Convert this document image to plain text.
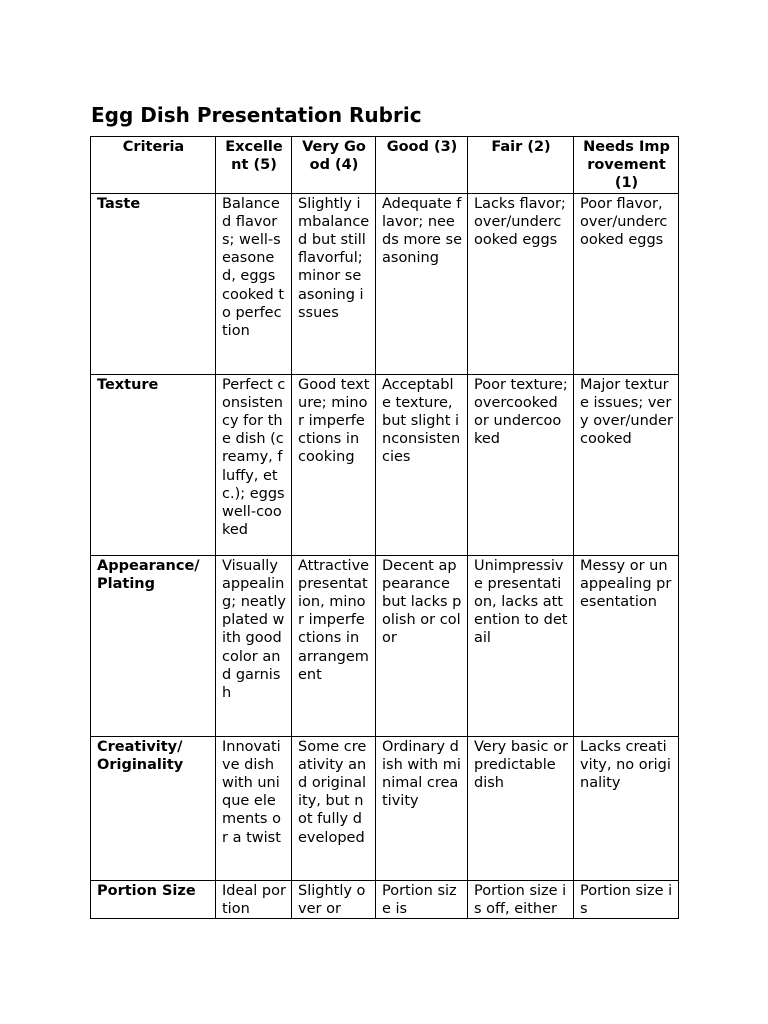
Egg Dish Presentation Rubric
Criteria	Excellent (5)	Very Good (4)	Good (3)	Fair (2)	Needs Improvement (1)
Taste	Balanced flavors; well-seasoned, eggs cooked to perfection	Slightly imbalanced but still flavorful; minor seasoning issues	Adequate flavor; needs more seasoning	Lacks flavor; over/undercooked eggs	Poor flavor, over/undercooked eggs
Texture	Perfect consistency for the dish (creamy, fluffy, etc.); eggs well-cooked	Good texture; minor imperfections in cooking	Acceptable texture, but slight inconsistencies	Poor texture; overcooked or undercooked	Major texture issues; very over/undercooked
Appearance/ Plating	Visually appealing; neatly plated with good color and garnish	Attractive presentation, minor imperfections in arrangement	Decent appearance but lacks polish or color	Unimpressive presentation, lacks attention to detail	Messy or unappealing presentation
Creativity/ Originality	Innovative dish with unique elements or a twist	Some creativity and originality, but not fully developed	Ordinary dish with minimal creativity	Very basic or predictable dish	Lacks creativity, no originality
Portion Size	Ideal portion	Slightly over or	Portion size is	Portion size is off, either	Portion size is
